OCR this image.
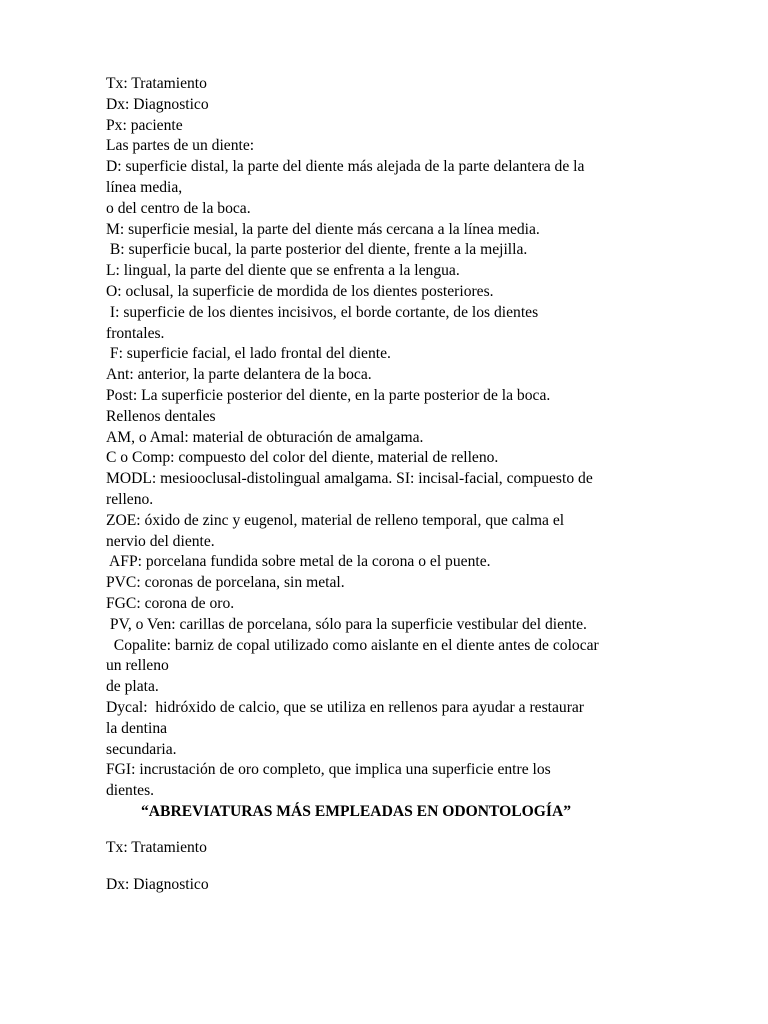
Tx: Tratamiento
Dx: Diagnostico
Px: paciente
Las partes de un diente:
D: superficie distal, la parte del diente más alejada de la parte delantera de la
línea media,
o del centro de la boca.
M: superficie mesial, la parte del diente más cercana a la línea media.
B: superficie bucal, la parte posterior del diente, frente a la mejilla.
L: lingual, la parte del diente que se enfrenta a la lengua.
O: oclusal, la superficie de mordida de los dientes posteriores.
I: superficie de los dientes incisivos, el borde cortante, de los dientes
frontales.
F: superficie facial, el lado frontal del diente.
Ant: anterior, la parte delantera de la boca.
Post: La superficie posterior del diente, en la parte posterior de la boca.
Rellenos dentales
AM, o Amal: material de obturación de amalgama.
C o Comp: compuesto del color del diente, material de relleno.
MODL: mesiooclusal-distolingual amalgama. SI: incisal-facial, compuesto de
relleno.
ZOE: óxido de zinc y eugenol, material de relleno temporal, que calma el
nervio del diente.
AFP: porcelana fundida sobre metal de la corona o el puente.
PVC: coronas de porcelana, sin metal.
FGC: corona de oro.
PV, o Ven: carillas de porcelana, sólo para la superficie vestibular del diente.
Copalite: barniz de copal utilizado como aislante en el diente antes de colocar
un relleno
de plata.
Dycal:  hidróxido de calcio, que se utiliza en rellenos para ayudar a restaurar
la dentina
secundaria.
FGI: incrustación de oro completo, que implica una superficie entre los
dientes.
“ABREVIATURAS MÁS EMPLEADAS EN ODONTOLOGÍA”
Tx: Tratamiento
Dx: Diagnostico
